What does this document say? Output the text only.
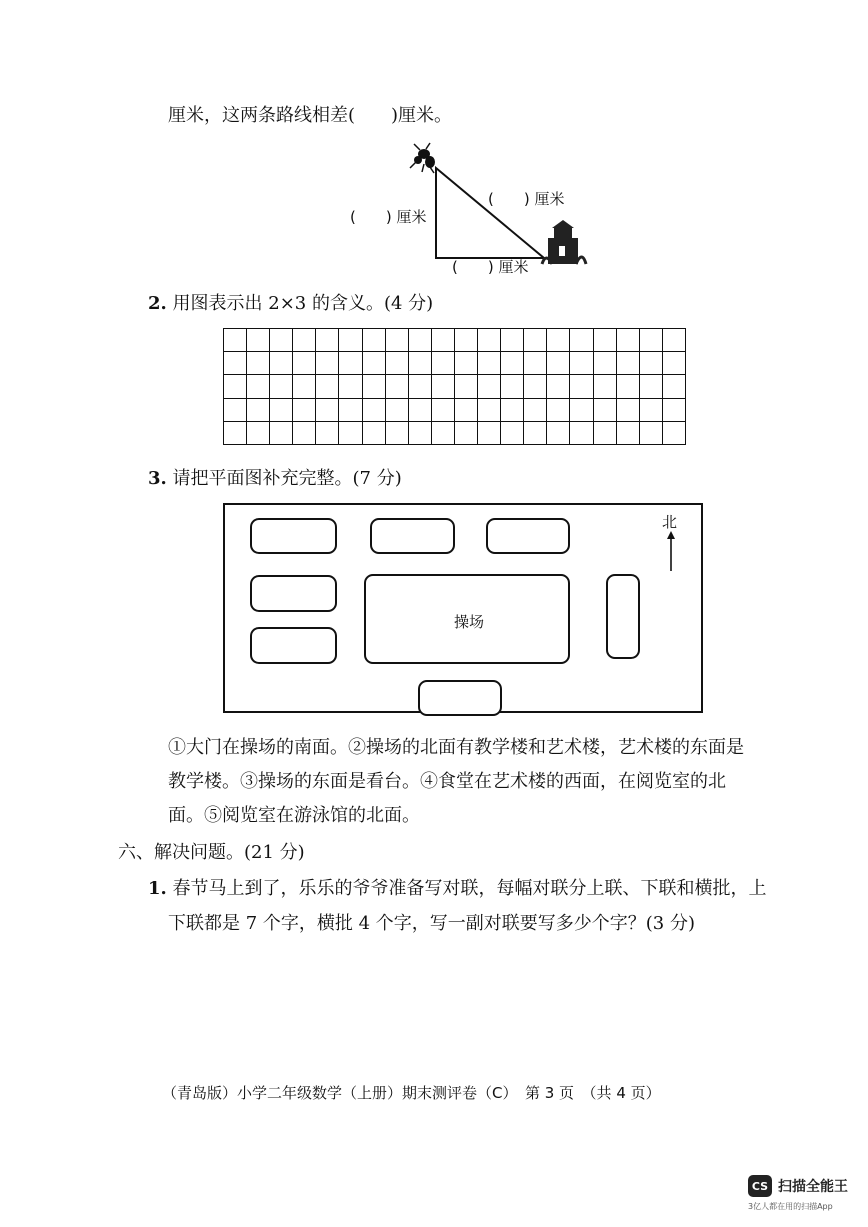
厘米，这两条路线相差(　　)厘米。
(　　) 厘米
(　　) 厘米
(　　) 厘米
2. 用图表示出 2×3 的含义。(4 分)

3. 请把平面图补充完整。(7 分)
操场
北
①大门在操场的南面。②操场的北面有教学楼和艺术楼，艺术楼的东面是
教学楼。③操场的东面是看台。④食堂在艺术楼的西面，在阅览室的北
面。⑤阅览室在游泳馆的北面。
六、解决问题。(21 分)
1. 春节马上到了，乐乐的爷爷准备写对联，每幅对联分上联、下联和横批，上
下联都是 7 个字，横批 4 个字，写一副对联要写多少个字？(3 分)
（青岛版）小学二年级数学（上册）期末测评卷（C）　第 3 页　（共 4 页）
CS 扫描全能王
3亿人都在用的扫描App
